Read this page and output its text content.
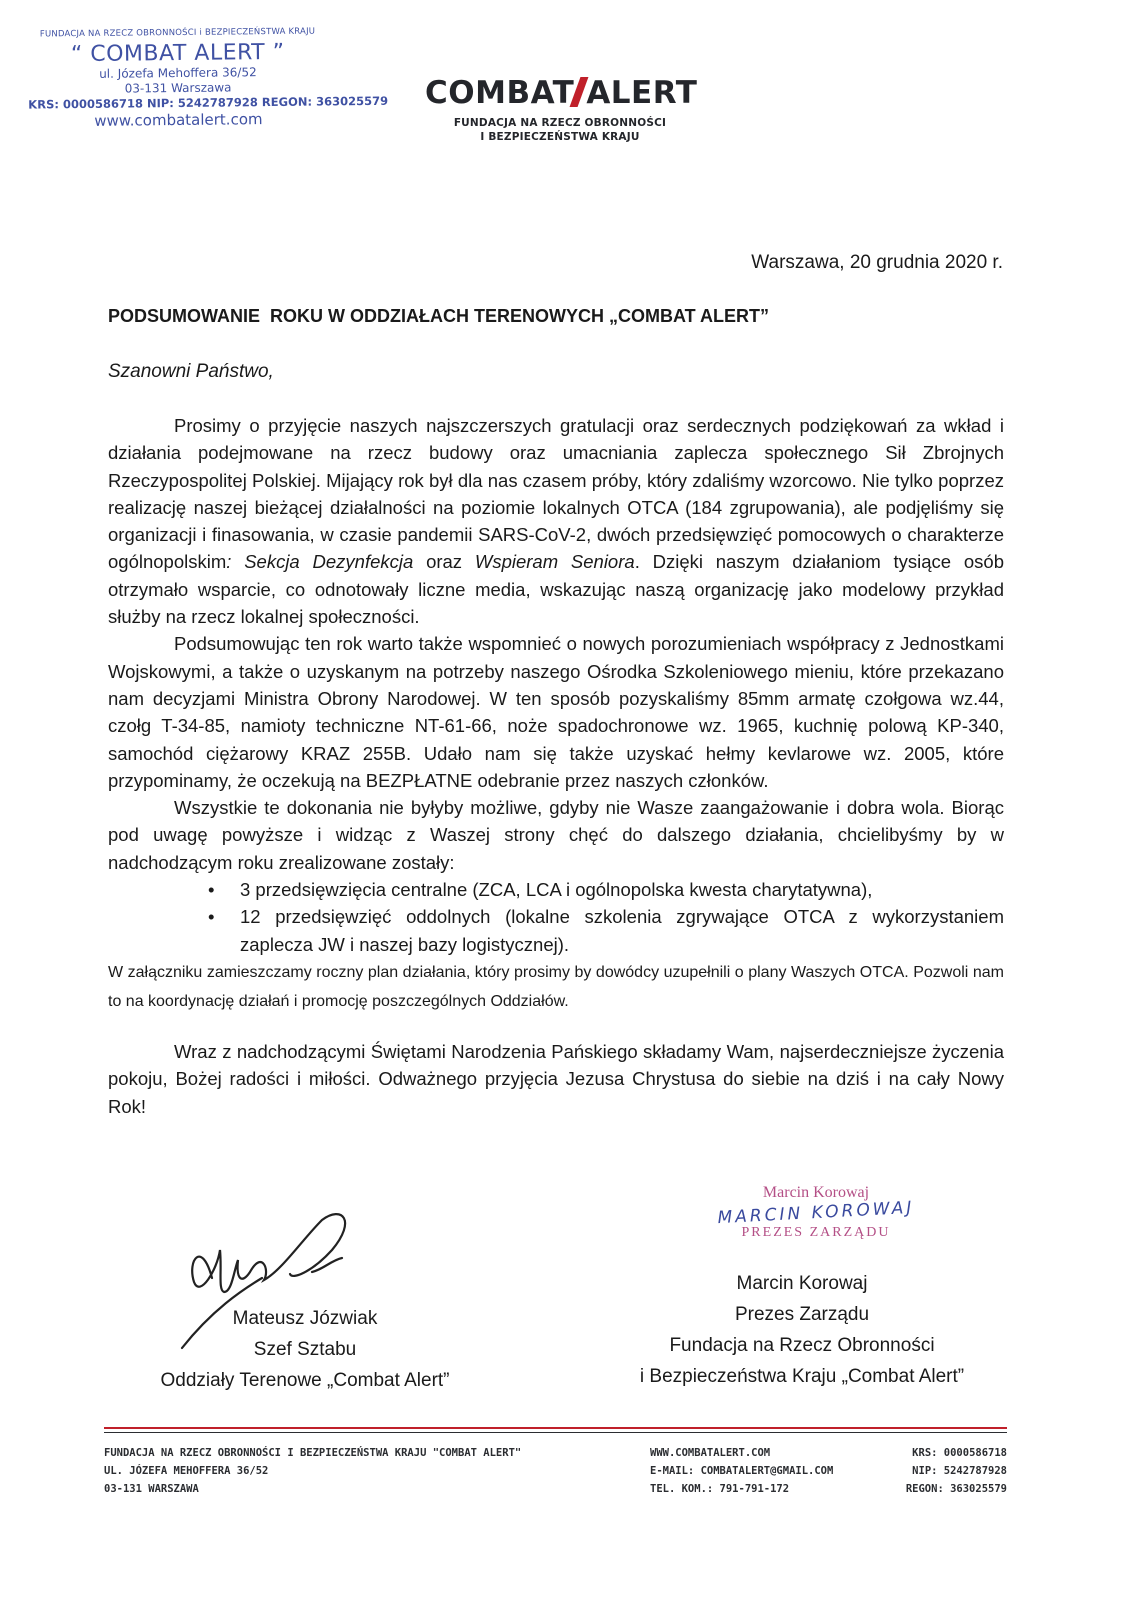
FUNDACJA NA RZECZ OBRONNOŚCI i BEZPIECZEŃSTWA KRAJU
“ COMBAT ALERT ”
ul. Józefa Mehoffera 36/52
03-131 Warszawa
KRS: 0000586718 NIP: 5242787928 REGON: 363025579
www.combatalert.com
COMBAT ALERT
FUNDACJA NA RZECZ OBRONNOŚCI
I BEZPIECZEŃSTWA KRAJU
Warszawa, 20 grudnia 2020 r.
PODSUMOWANIE  ROKU W ODDZIAŁACH TERENOWYCH „COMBAT ALERT”
Szanowni Państwo,

Prosimy o przyjęcie naszych najszczerszych gratulacji oraz serdecznych podziękowań za wkład i działania podejmowane na rzecz budowy oraz umacniania zaplecza społecznego Sił Zbrojnych Rzeczypospolitej Polskiej. Mijający rok był dla nas czasem próby, który zdaliśmy wzorcowo. Nie tylko poprzez realizację naszej bieżącej działalności na poziomie lokalnych OTCA (184 zgrupowania), ale podjęliśmy się organizacji i finasowania, w czasie pandemii SARS-CoV-2, dwóch przedsięwzięć pomocowych o charakterze ogólnopolskim: Sekcja Dezynfekcja oraz Wspieram Seniora. Dzięki naszym działaniom tysiące osób otrzymało wsparcie, co odnotowały liczne media, wskazując naszą organizację jako modelowy przykład służby na rzecz lokalnej społeczności.

Podsumowując ten rok warto także wspomnieć o nowych porozumieniach współpracy z Jednostkami Wojskowymi, a także o uzyskanym na potrzeby naszego Ośrodka Szkoleniowego mieniu, które przekazano nam decyzjami Ministra Obrony Narodowej. W ten sposób pozyskaliśmy 85mm armatę czołgowa wz.44, czołg T-34-85, namioty techniczne NT-61-66, noże spadochronowe wz. 1965, kuchnię polową KP-340, samochód ciężarowy KRAZ 255B. Udało nam się także uzyskać hełmy kevlarowe wz. 2005, które przypominamy, że oczekują na BEZPŁATNE odebranie przez naszych członków.

Wszystkie te dokonania nie byłyby możliwe, gdyby nie Wasze zaangażowanie i dobra wola. Biorąc pod uwagę powyższe i widząc z Waszej strony chęć do dalszego działania, chcielibyśmy by w nadchodzącym roku zrealizowane zostały:

• 3 przedsięwzięcia centralne (ZCA, LCA i ogólnopolska kwesta charytatywna),
• 12 przedsięwzięć oddolnych (lokalne szkolenia zgrywające OTCA z wykorzystaniem zaplecza JW i naszej bazy logistycznej).

W załączniku zamieszczamy roczny plan działania, który prosimy by dowódcy uzupełnili o plany Waszych OTCA. Pozwoli nam to na koordynację działań i promocję poszczególnych Oddziałów.

Wraz z nadchodzącymi Świętami Narodzenia Pańskiego składamy Wam, najserdeczniejsze życzenia pokoju, Bożej radości i miłości. Odważnego przyjęcia Jezusa Chrystusa do siebie na dziś i na cały Nowy Rok!

Mateusz Józwiak
Szef Sztabu
Oddziały Terenowe „Combat Alert”
Marcin Korowaj
MARCIN KOROWAJ
PREZES ZARZĄDU
Marcin Korowaj
Prezes Zarządu
Fundacja na Rzecz Obronności
i Bezpieczeństwa Kraju „Combat Alert”
FUNDACJA NA RZECZ OBRONNOŚCI I BEZPIECZEŃSTWA KRAJU "COMBAT ALERT"
UL. JÓZEFA MEHOFFERA 36/52
03-131 WARSZAWA
WWW.COMBATALERT.COM
E-MAIL: COMBATALERT@GMAIL.COM
TEL. KOM.: 791-791-172
KRS: 0000586718
NIP: 5242787928
REGON: 363025579
